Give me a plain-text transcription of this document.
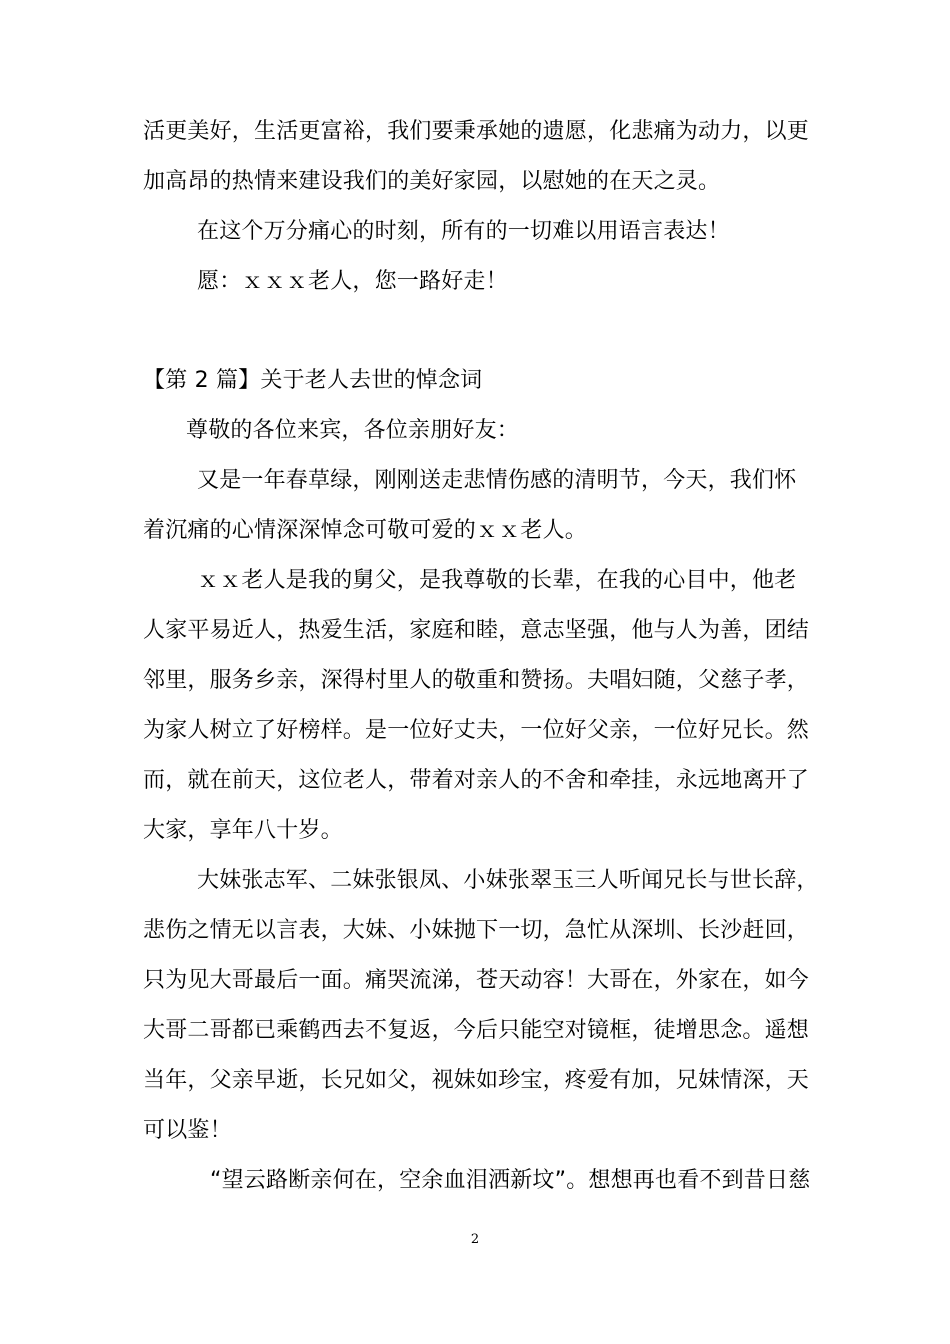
活更美好，生活更富裕，我们要秉承她的遗愿，化悲痛为动力，以更
加高昂的热情来建设我们的美好家园，以慰她的在天之灵。
在这个万分痛心的时刻，所有的一切难以用语言表达！
愿：ｘｘｘ老人，您一路好走！
【第 2 篇】关于老人去世的悼念词
尊敬的各位来宾，各位亲朋好友：
又是一年春草绿，刚刚送走悲情伤感的清明节，今天，我们怀
着沉痛的心情深深悼念可敬可爱的ｘｘ老人。
ｘｘ老人是我的舅父，是我尊敬的长辈，在我的心目中，他老
人家平易近人，热爱生活，家庭和睦，意志坚强，他与人为善，团结
邻里，服务乡亲，深得村里人的敬重和赞扬。夫唱妇随，父慈子孝，
为家人树立了好榜样。是一位好丈夫，一位好父亲，一位好兄长。然
而，就在前天，这位老人，带着对亲人的不舍和牵挂，永远地离开了
大家，享年八十岁。
大妹张志军、二妹张银凤、小妹张翠玉三人听闻兄长与世长辞，
悲伤之情无以言表，大妹、小妹抛下一切，急忙从深圳、长沙赶回，
只为见大哥最后一面。痛哭流涕，苍天动容！大哥在，外家在，如今
大哥二哥都已乘鹤西去不复返，今后只能空对镜框，徒增思念。遥想
当年，父亲早逝，长兄如父，视妹如珍宝，疼爱有加，兄妹情深，天
可以鉴！
“望云路断亲何在，空余血泪洒新坟”。想想再也看不到昔日慈
2
